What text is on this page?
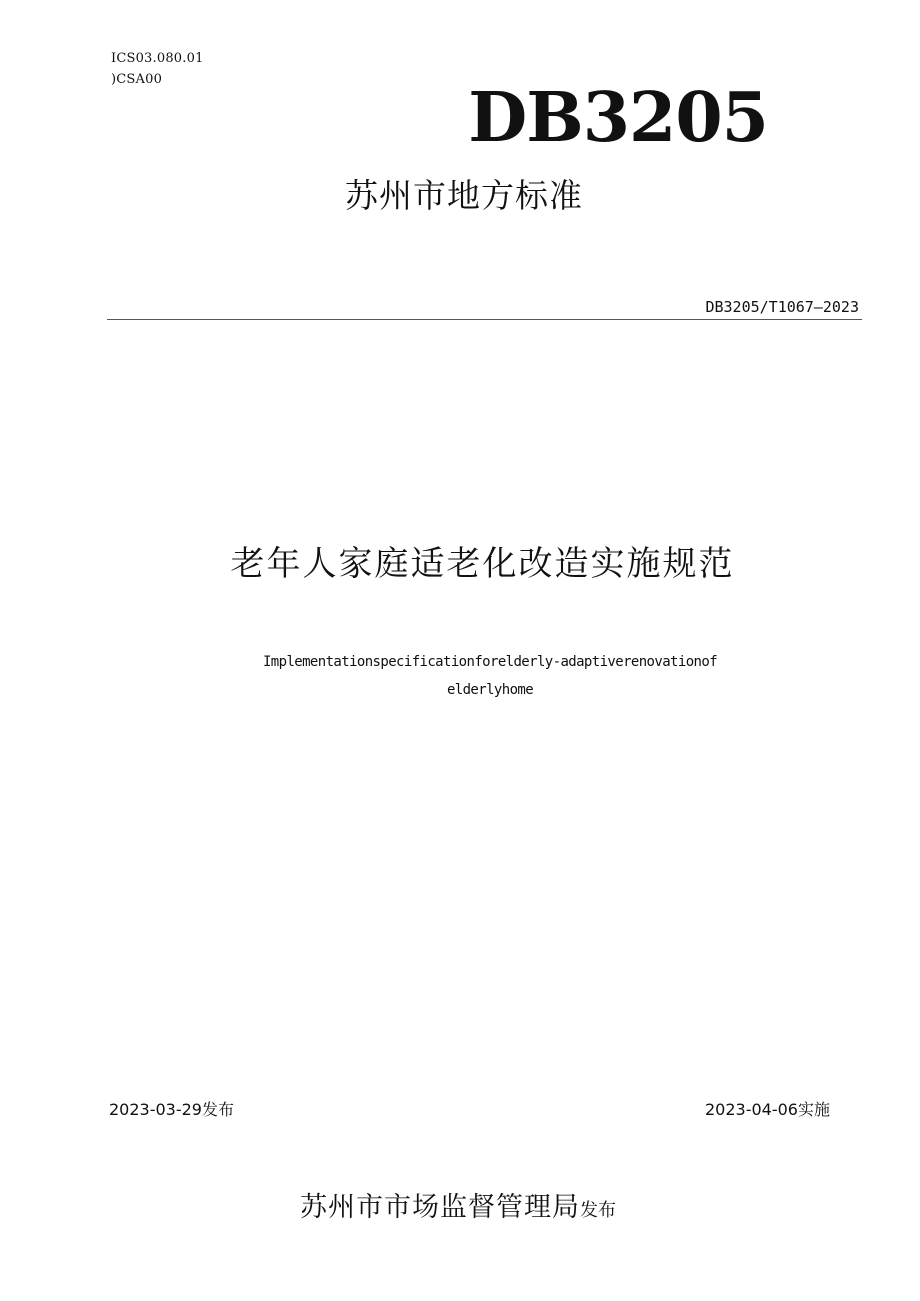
ICS03.080.01
)CSA00	DB3205
苏州市地方标准
DB3205/T1067—2023
老年人家庭适老化改造实施规范
Implementationspecificationforelderly-adaptiverenovationof
elderlyhome
2023-03-29发布	2023-04-06实施
苏州市市场监督管理局发布
